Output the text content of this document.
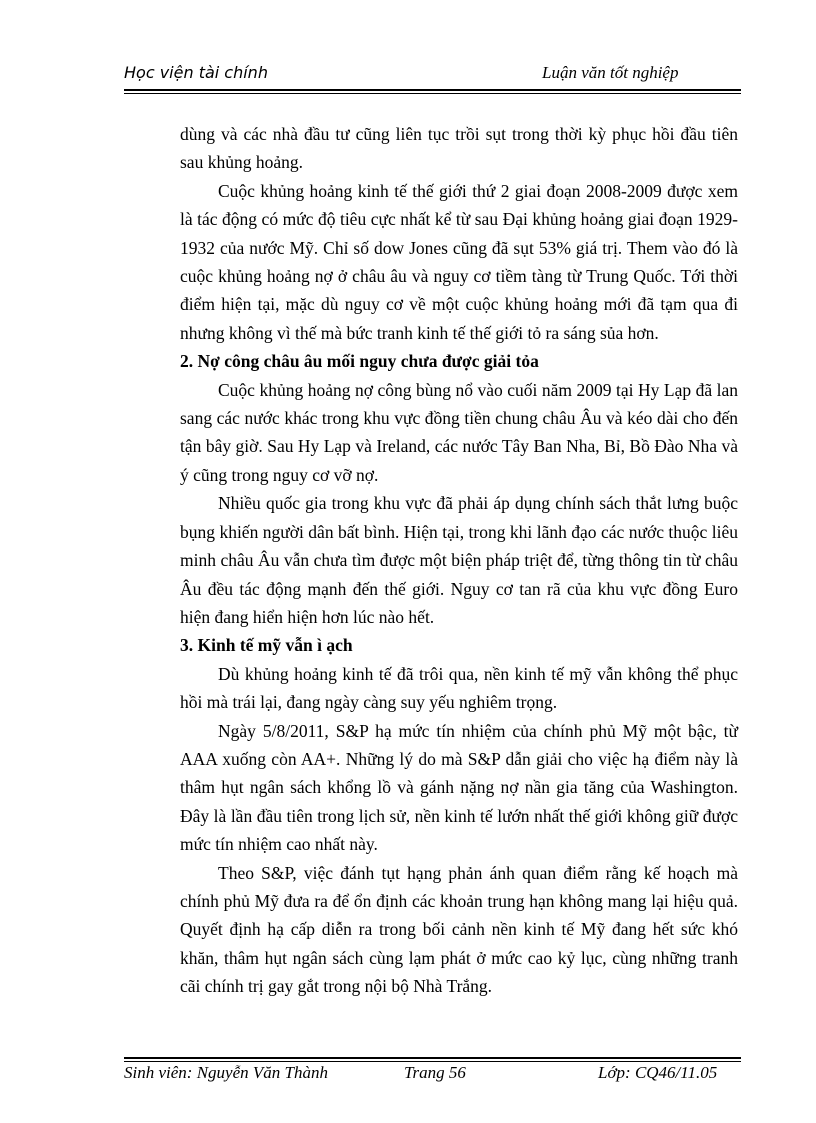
Học viện tài chính	Luận văn tốt nghiệp

dùng và các nhà đầu tư cũng liên tục trồi sụt trong thời kỳ phục hồi đầu tiên sau khủng hoảng.

Cuộc khủng hoảng kinh tế thế giới thứ 2 giai đoạn 2008-2009 được xem là tác động có mức độ tiêu cực nhất kể từ sau Đại khủng hoảng giai đoạn 1929-1932 của nước Mỹ. Chỉ số dow Jones cũng đã sụt 53% giá trị. Them vào đó là cuộc khủng hoảng nợ ở châu âu và nguy cơ tiềm tàng từ Trung Quốc. Tới thời điểm hiện tại, mặc dù nguy cơ về một cuộc khủng hoảng mới đã tạm qua đi nhưng không vì thế mà bức tranh kinh tế thế giới tỏ ra sáng sủa hơn.

2. Nợ công châu âu mối nguy chưa được giải tỏa

Cuộc khủng hoảng nợ công bùng nổ vào cuối năm 2009 tại Hy Lạp đã lan sang các nước khác trong khu vực đồng tiền chung châu Âu và kéo dài cho đến tận bây giờ. Sau Hy Lạp và Ireland, các nước Tây Ban Nha, Bỉ, Bồ Đào Nha và ý cũng trong nguy cơ vỡ nợ.

Nhiều quốc gia trong khu vực đã phải áp dụng chính sách thắt lưng buộc bụng khiến người dân bất bình. Hiện tại, trong khi lãnh đạo các nước thuộc liêu minh châu Âu vẫn chưa tìm được một biện pháp triệt để, từng thông tin từ châu Âu đều tác động mạnh đến thế giới. Nguy cơ tan rã của khu vực đồng Euro hiện đang hiển hiện hơn lúc nào hết.

3. Kinh tế mỹ vẫn ì ạch

Dù khủng hoảng kinh tế đã trôi qua, nền kinh tế mỹ vẫn không thể phục hồi mà trái lại, đang ngày càng suy yếu nghiêm trọng.

Ngày 5/8/2011, S&P hạ mức tín nhiệm của chính phủ Mỹ một bậc, từ AAA xuống còn AA+. Những lý do mà S&P dẫn giải cho việc hạ điểm này là thâm hụt ngân sách khổng lồ và gánh nặng nợ nần gia tăng của Washington. Đây là lần đầu tiên trong lịch sử, nền kinh tế lướn nhất thế giới không giữ được mức tín nhiệm cao nhất này.

Theo S&P, việc đánh tụt hạng phản ánh quan điểm rằng kế hoạch mà chính phủ Mỹ đưa ra để ổn định các khoản trung hạn không mang lại hiệu quả. Quyết định hạ cấp diễn ra trong bối cảnh nền kinh tế Mỹ đang hết sức khó khăn, thâm hụt ngân sách cùng lạm phát ở mức cao kỷ lục, cùng những tranh cãi chính trị gay gắt trong nội bộ Nhà Trắng.

Sinh viên: Nguyễn Văn Thành	Trang 56	Lớp: CQ46/11.05
